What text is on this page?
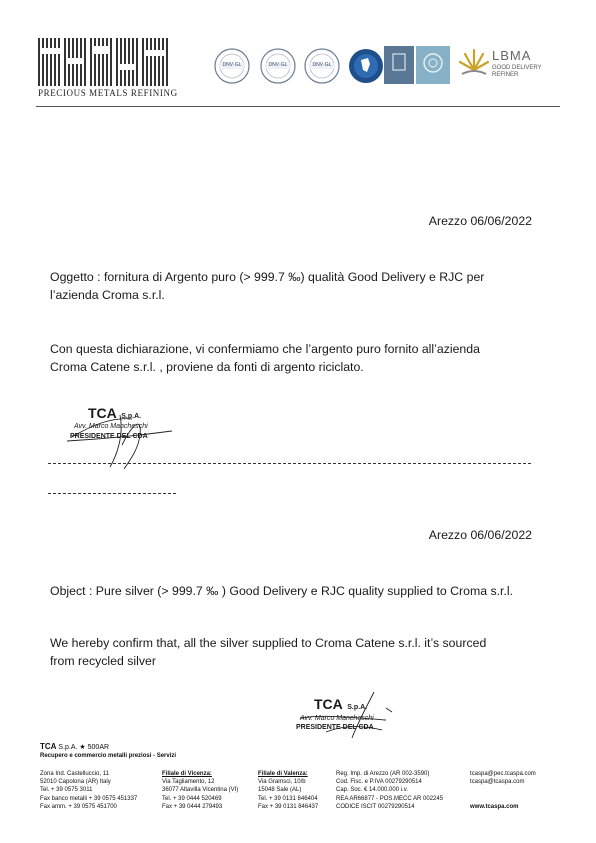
PRECIOUS METALS REFINING
DNV·GL	DNV·GL	DNV·GL
LBMA
GOOD DELIVERY REFINER
Arezzo 06/06/2022
Oggetto : fornitura di Argento puro (> 999.7 ‰) qualità Good Delivery e RJC per
l’azienda Croma s.r.l.
Con questa dichiarazione, vi confermiamo che l’argento puro fornito all’azienda
Croma Catene s.r.l. , proviene da fonti di argento riciclato.
TCA S.p.A.
Avv. Marco Mancheschi
PRESIDENTE DEL CDA
Arezzo 06/06/2022
Object : Pure silver (> 999.7 ‰ ) Good Delivery e RJC quality supplied to Croma s.r.l.
We hereby confirm that, all the silver supplied to Croma Catene s.r.l. it’s sourced
from recycled silver
TCA S.p.A.
Avv. Marco Mancheschi
PRESIDENTE DEL CDA
TCA S.p.A. ★ 500AR
Recupero e commercio metalli preziosi - Servizi
Zona Ind. Castelluccio, 11
52010 Capolona (AR) Italy
Tel. + 39 0575 3011
Fax banco metalli + 39 0575 451337
Fax amm. + 39 0575 451700
Filiale di Vicenza:
Via Tagliamento, 12
36077 Altavilla Vicentina (VI)
Tel. + 39 0444 520469
Fax + 39 0444 279493
Filiale di Valenza:
Via Gramsci, 10/b
15048 Sale (AL)
Tel. + 39 0131 846404
Fax + 39 0131 846437
Reg. Imp. di Arezzo (AR 002-3590)
Cod. Fisc. e P.IVA 00279290514
Cap. Soc. € 14.000.000 i.v.
REA AR66877 - POS.MECC AR 002245
CODICE ISCIT 00279290514
tcaspa@pec.tcaspa.com
tcaspa@tcaspa.com

www.tcaspa.com
